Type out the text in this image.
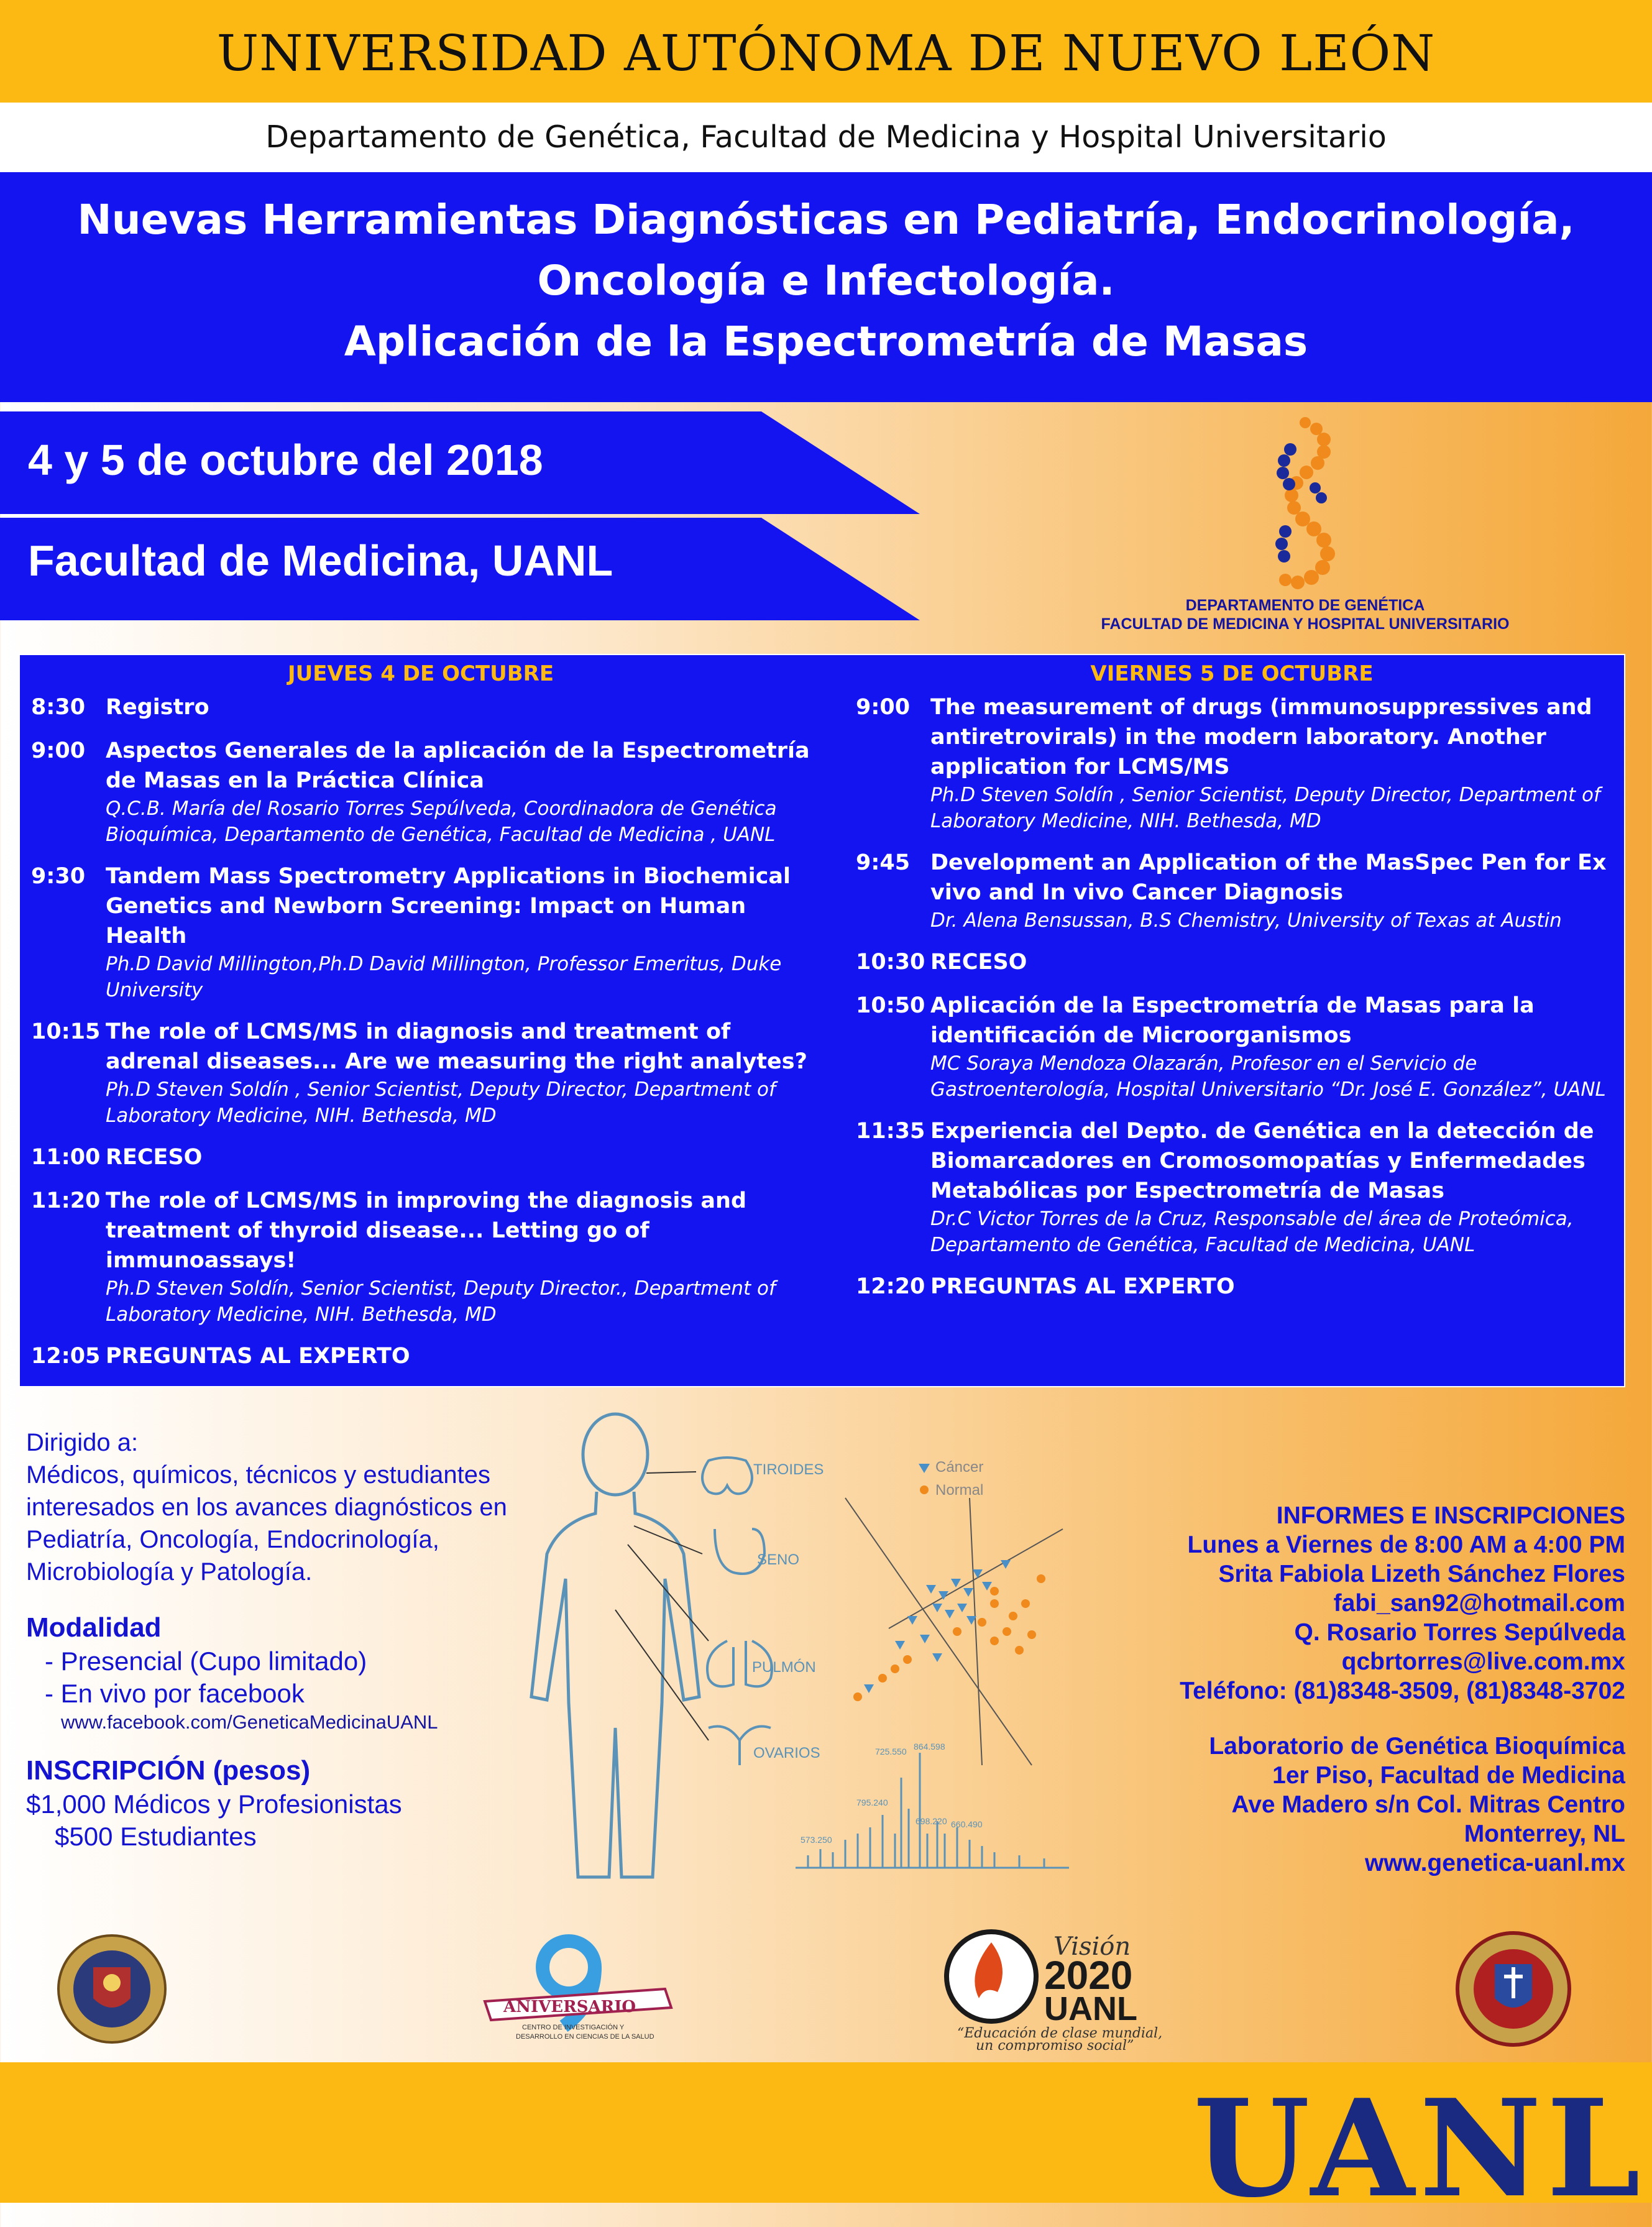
UNIVERSIDAD AUTÓNOMA DE NUEVO LEÓN
Departamento de Genética, Facultad de Medicina y Hospital Universitario
Nuevas Herramientas Diagnósticas en Pediatría, Endocrinología,
Oncología e Infectología.
Aplicación de la Espectrometría de Masas
4 y 5 de octubre del 2018
Facultad de Medicina, UANL
DEPARTAMENTO DE GENÉTICA
FACULTAD DE MEDICINA Y HOSPITAL UNIVERSITARIO
JUEVES 4 DE OCTUBRE	VIERNES 5 DE OCTUBRE
8:30 Registro
9:00 Aspectos Generales de la aplicación de la Espectrometría de Masas en la Práctica Clínica
Q.C.B. María del Rosario Torres Sepúlveda, Coordinadora de Genética Bioquímica, Departamento de Genética, Facultad de Medicina , UANL
9:30 Tandem Mass Spectrometry Applications in Biochemical Genetics and Newborn Screening: Impact on Human Health
Ph.D David Millington,Ph.D David Millington, Professor Emeritus, Duke University
10:15 The role of LCMS/MS in diagnosis and treatment of adrenal diseases... Are we measuring the right analytes?
Ph.D Steven Soldín , Senior Scientist, Deputy Director, Department of Laboratory Medicine, NIH. Bethesda, MD
11:00 RECESO
11:20 The role of LCMS/MS in improving the diagnosis and treatment of thyroid disease... Letting go of immunoassays!
Ph.D Steven Soldín, Senior Scientist, Deputy Director., Department of Laboratory Medicine, NIH. Bethesda, MD
12:05 PREGUNTAS AL EXPERTO
9:00 The measurement of drugs (immunosuppressives and antiretrovirals) in the modern laboratory. Another application for LCMS/MS
Ph.D Steven Soldín , Senior Scientist, Deputy Director, Department of Laboratory Medicine, NIH. Bethesda, MD
9:45 Development an Application of the MasSpec Pen for Ex vivo and In vivo Cancer Diagnosis
Dr. Alena Bensussan, B.S Chemistry, University of Texas at Austin
10:30 RECESO
10:50 Aplicación de la Espectrometría de Masas para la identificación de Microorganismos
MC Soraya Mendoza Olazarán, Profesor en el Servicio de Gastroenterología, Hospital Universitario “Dr. José E. González”, UANL
11:35 Experiencia del Depto. de Genética en la detección de Biomarcadores en Cromosomopatías y Enfermedades Metabólicas por Espectrometría de Masas
Dr.C Victor Torres de la Cruz, Responsable del área de Proteómica, Departamento de Genética, Facultad de Medicina, UANL
12:20 PREGUNTAS AL EXPERTO
Dirigido a:
Médicos, químicos, técnicos y estudiantes interesados en los avances diagnósticos en Pediatría, Oncología, Endocrinología, Microbiología y Patología.
Modalidad
- Presencial (Cupo limitado)
- En vivo por facebook
www.facebook.com/GeneticaMedicinaUANL
INSCRIPCIÓN (pesos)
$1,000 Médicos y Profesionistas
$500 Estudiantes
TIROIDES
SENO
PULMÓN
OVARIOS
Cáncer
Normal
864.598
725.550
795.240
698.220 660.490
573.250
INFORMES E INSCRIPCIONES
Lunes a Viernes de 8:00 AM a 4:00 PM
Srita Fabiola Lizeth Sánchez Flores
fabi_san92@hotmail.com
Q. Rosario Torres Sepúlveda
qcbrtorres@live.com.mx
Teléfono: (81)8348-3509, (81)8348-3702
Laboratorio de Genética Bioquímica
1er Piso, Facultad de Medicina
Ave Madero s/n Col. Mitras Centro
Monterrey, NL
www.genetica-uanl.mx
ANIVERSARIO
CENTRO DE INVESTIGACIÓN Y
DESARROLLO EN CIENCIAS DE LA SALUD
Visión
2020
UANL
“Educación de clase mundial,
un compromiso social”
UANL
